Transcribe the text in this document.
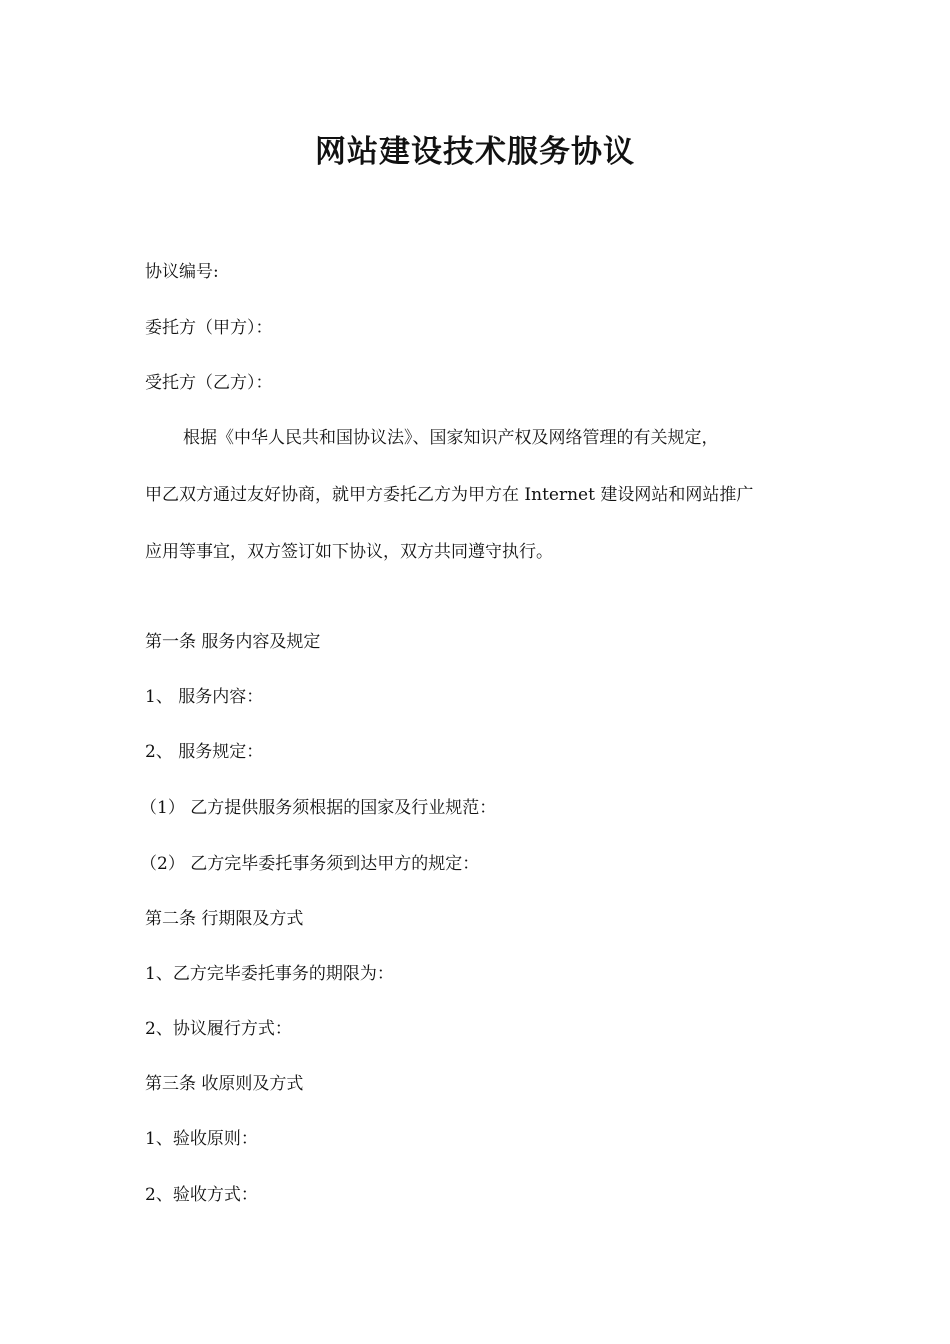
网站建设技术服务协议
协议编号:
委托方（甲方）：
受托方（乙方）：
根据《中华人民共和国协议法》、国家知识产权及网络管理的有关规定，
甲乙双方通过友好协商，就甲方委托乙方为甲方在 Internet 建设网站和网站推广
应用等事宜，双方签订如下协议，双方共同遵守执行。
第一条 服务内容及规定
1、 服务内容：
2、 服务规定：
（1） 乙方提供服务须根据的国家及行业规范：
（2） 乙方完毕委托事务须到达甲方的规定：
第二条 行期限及方式
1、乙方完毕委托事务的期限为：
2、协议履行方式：
第三条 收原则及方式
1、验收原则：
2、验收方式：
